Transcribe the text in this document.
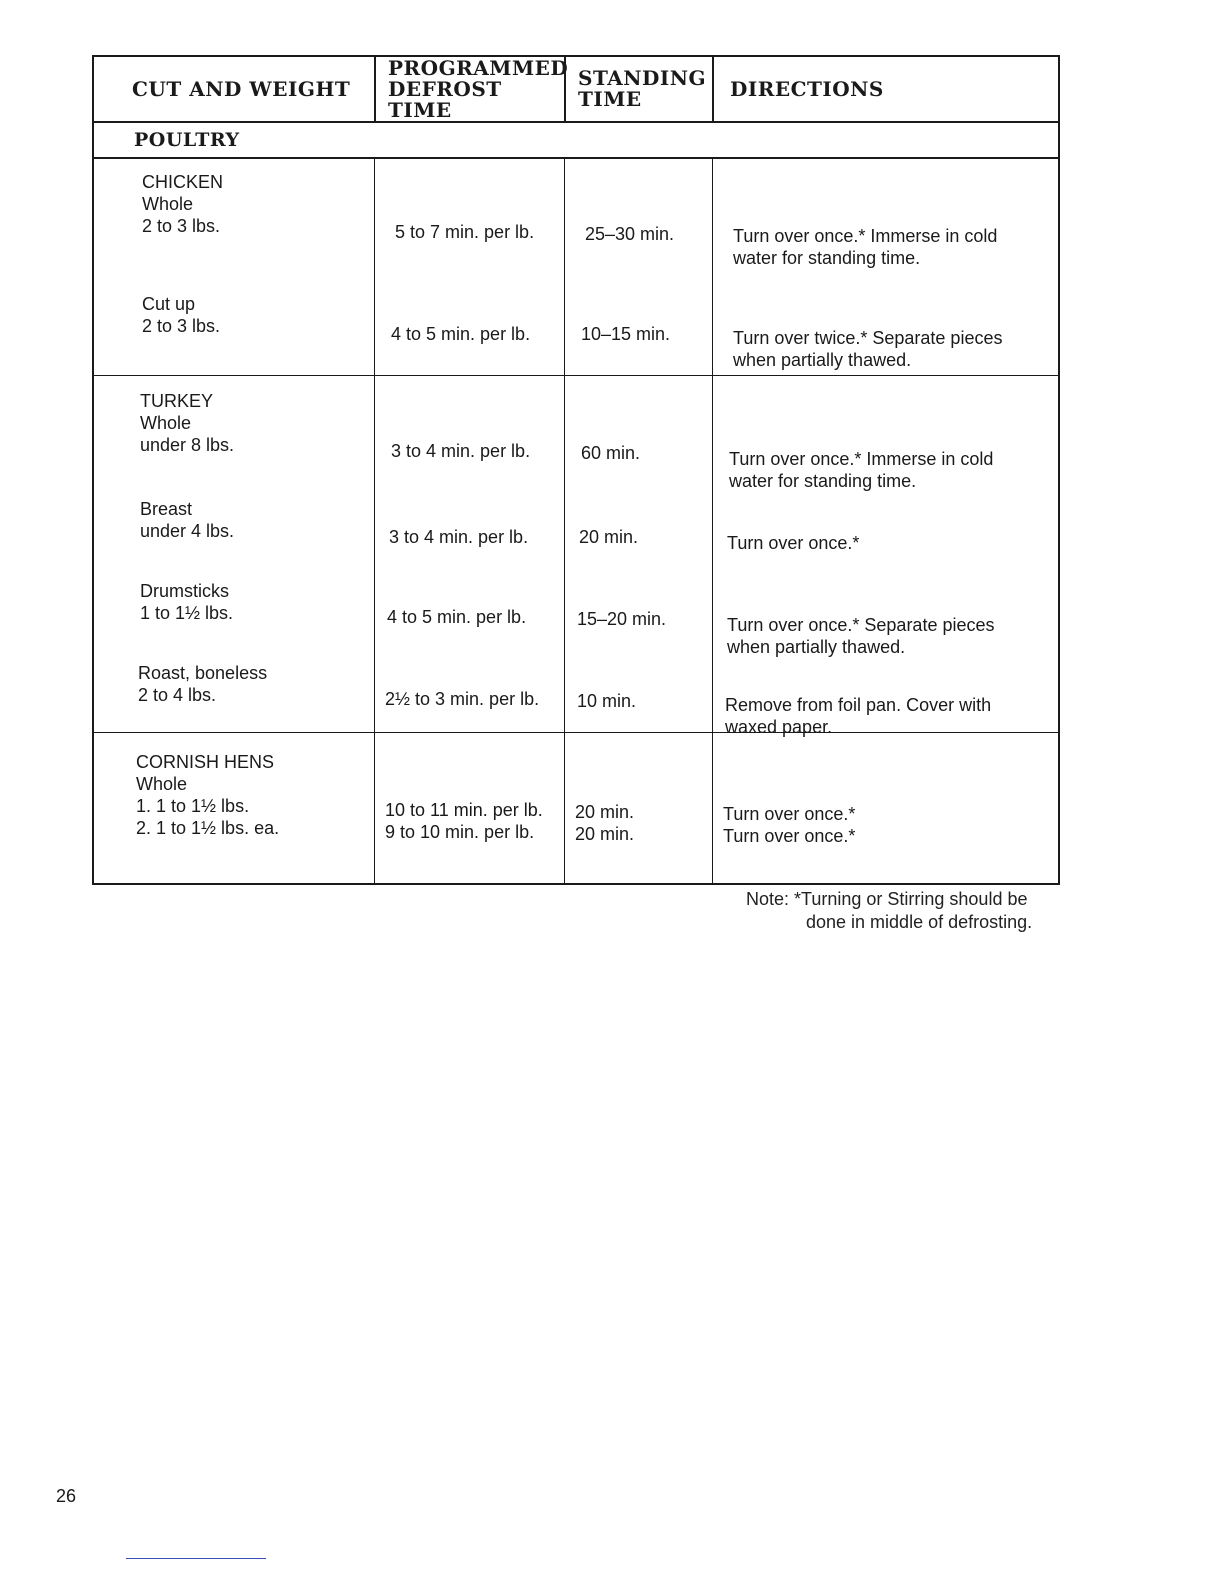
CUT AND WEIGHT
PROGRAMMED
DEFROST TIME
STANDING
TIME	DIRECTIONS
POULTRY
CHICKEN
Whole
2 to 3 lbs.
Cut up
2 to 3 lbs.
5 to 7 min. per lb.
4 to 5 min. per lb.
25–30 min.
10–15 min.
Turn over once.* Immerse in cold water for standing time.
Turn over twice.* Separate pieces when partially thawed.
TURKEY
Whole
under 8 lbs.
Breast
under 4 lbs.
Drumsticks
1 to 1½ lbs.
Roast, boneless
2 to 4 lbs.
3 to 4 min. per lb.
3 to 4 min. per lb.
4 to 5 min. per lb.
2½ to 3 min. per lb.
60 min.
20 min.
15–20 min.
10 min.
Turn over once.* Immerse in cold water for standing time.
Turn over once.*
Turn over once.* Separate pieces when partially thawed.
Remove from foil pan. Cover with waxed paper.
CORNISH HENS
Whole
1. 1 to 1½ lbs.
2. 1 to 1½ lbs. ea.
10 to 11 min. per lb.
9 to 10 min. per lb.
20 min.
20 min.
Turn over once.*
Turn over once.*
Note: *Turning or Stirring should be
done in middle of defrosting.
26
